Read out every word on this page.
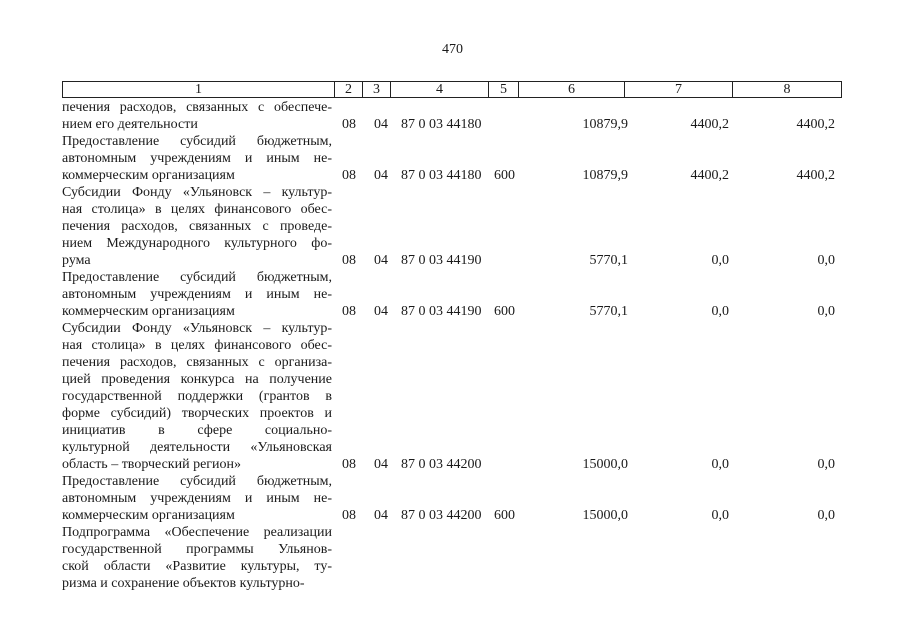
470
1	2	3	4	5	6	7	8
печения расходов, связанных с обеспече-
нием его деятельности	08 04 87 0 03 44180	10879,9	4400,2	4400,2
Предоставление субсидий бюджетным,
автономным учреждениям и иным не-
коммерческим организациям	08 04 87 0 03 44180 600	10879,9	4400,2	4400,2
Субсидии Фонду «Ульяновск – культур-
ная столица» в целях финансового обес-
печения расходов, связанных с проведе-
нием Международного культурного фо-
рума	08 04 87 0 03 44190	5770,1	0,0	0,0
Предоставление субсидий бюджетным,
автономным учреждениям и иным не-
коммерческим организациям	08 04 87 0 03 44190 600	5770,1	0,0	0,0
Субсидии Фонду «Ульяновск – культур-
ная столица» в целях финансового обес-
печения расходов, связанных с организа-
цией проведения конкурса на получение
государственной поддержки (грантов в
форме субсидий) творческих проектов и
инициатив в сфере социально-
культурной деятельности «Ульяновская
область – творческий регион»	08 04 87 0 03 44200	15000,0	0,0	0,0
Предоставление субсидий бюджетным,
автономным учреждениям и иным не-
коммерческим организациям	08 04 87 0 03 44200 600	15000,0	0,0	0,0
Подпрограмма «Обеспечение реализации
государственной программы Ульянов-
ской области «Развитие культуры, ту-
ризма и сохранение объектов культурно-
